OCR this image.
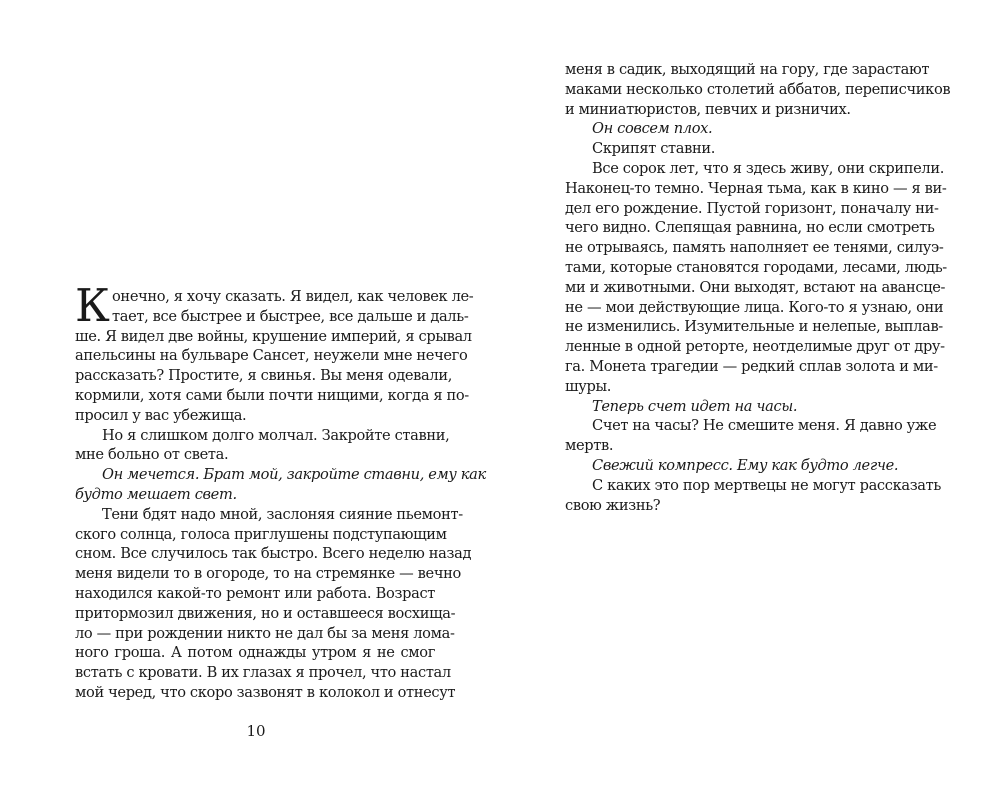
К онечно, я хочу сказать. Я видел, как человек ле-
тает, все быстрее и быстрее, все дальше и даль-
ше. Я видел две войны, крушение империй, я срывал
апельсины на бульваре Сансет, неужели мне нечего
рассказать? Простите, я свинья. Вы меня одевали,
кормили, хотя сами были почти нищими, когда я по-
просил у вас убежища.
Но я слишком долго молчал. Закройте ставни,
мне больно от света.
Он мечется. Брат мой, закройте ставни, ему как
будто мешает свет.
Тени бдят надо мной, заслоняя сияние пьемонт-
ского солнца, голоса приглушены подступающим
сном. Все случилось так быстро. Всего неделю назад
меня видели то в огороде, то на стремянке — вечно
находился какой-то ремонт или работа. Возраст
притормозил движения, но и оставшееся восхища-
ло — при рождении никто не дал бы за меня лома-
ного гроша. А потом однажды утром я не смог
встать с кровати. В их глазах я прочел, что настал
мой черед, что скоро зазвонят в колокол и отнесут
меня в садик, выходящий на гору, где зарастают
маками несколько столетий аббатов, переписчиков
и миниатюристов, певчих и ризничих.
Он совсем плох.
Скрипят ставни.
Все сорок лет, что я здесь живу, они скрипели.
Наконец-то темно. Черная тьма, как в кино — я ви-
дел его рождение. Пустой горизонт, поначалу ни-
чего видно. Слепящая равнина, но если смотреть
не отрываясь, память наполняет ее тенями, силуэ-
тами, которые становятся городами, лесами, людь-
ми и животными. Они выходят, встают на авансце-
не — мои действующие лица. Кого-то я узнаю, они
не изменились. Изумительные и нелепые, выплав-
ленные в одной реторте, неотделимые друг от дру-
га. Монета трагедии — редкий сплав золота и ми-
шуры.
Теперь счет идет на часы.
Счет на часы? Не смешите меня. Я давно уже
мертв.
Свежий компресс. Ему как будто легче.
С каких это пор мертвецы не могут рассказать
свою жизнь?
10
